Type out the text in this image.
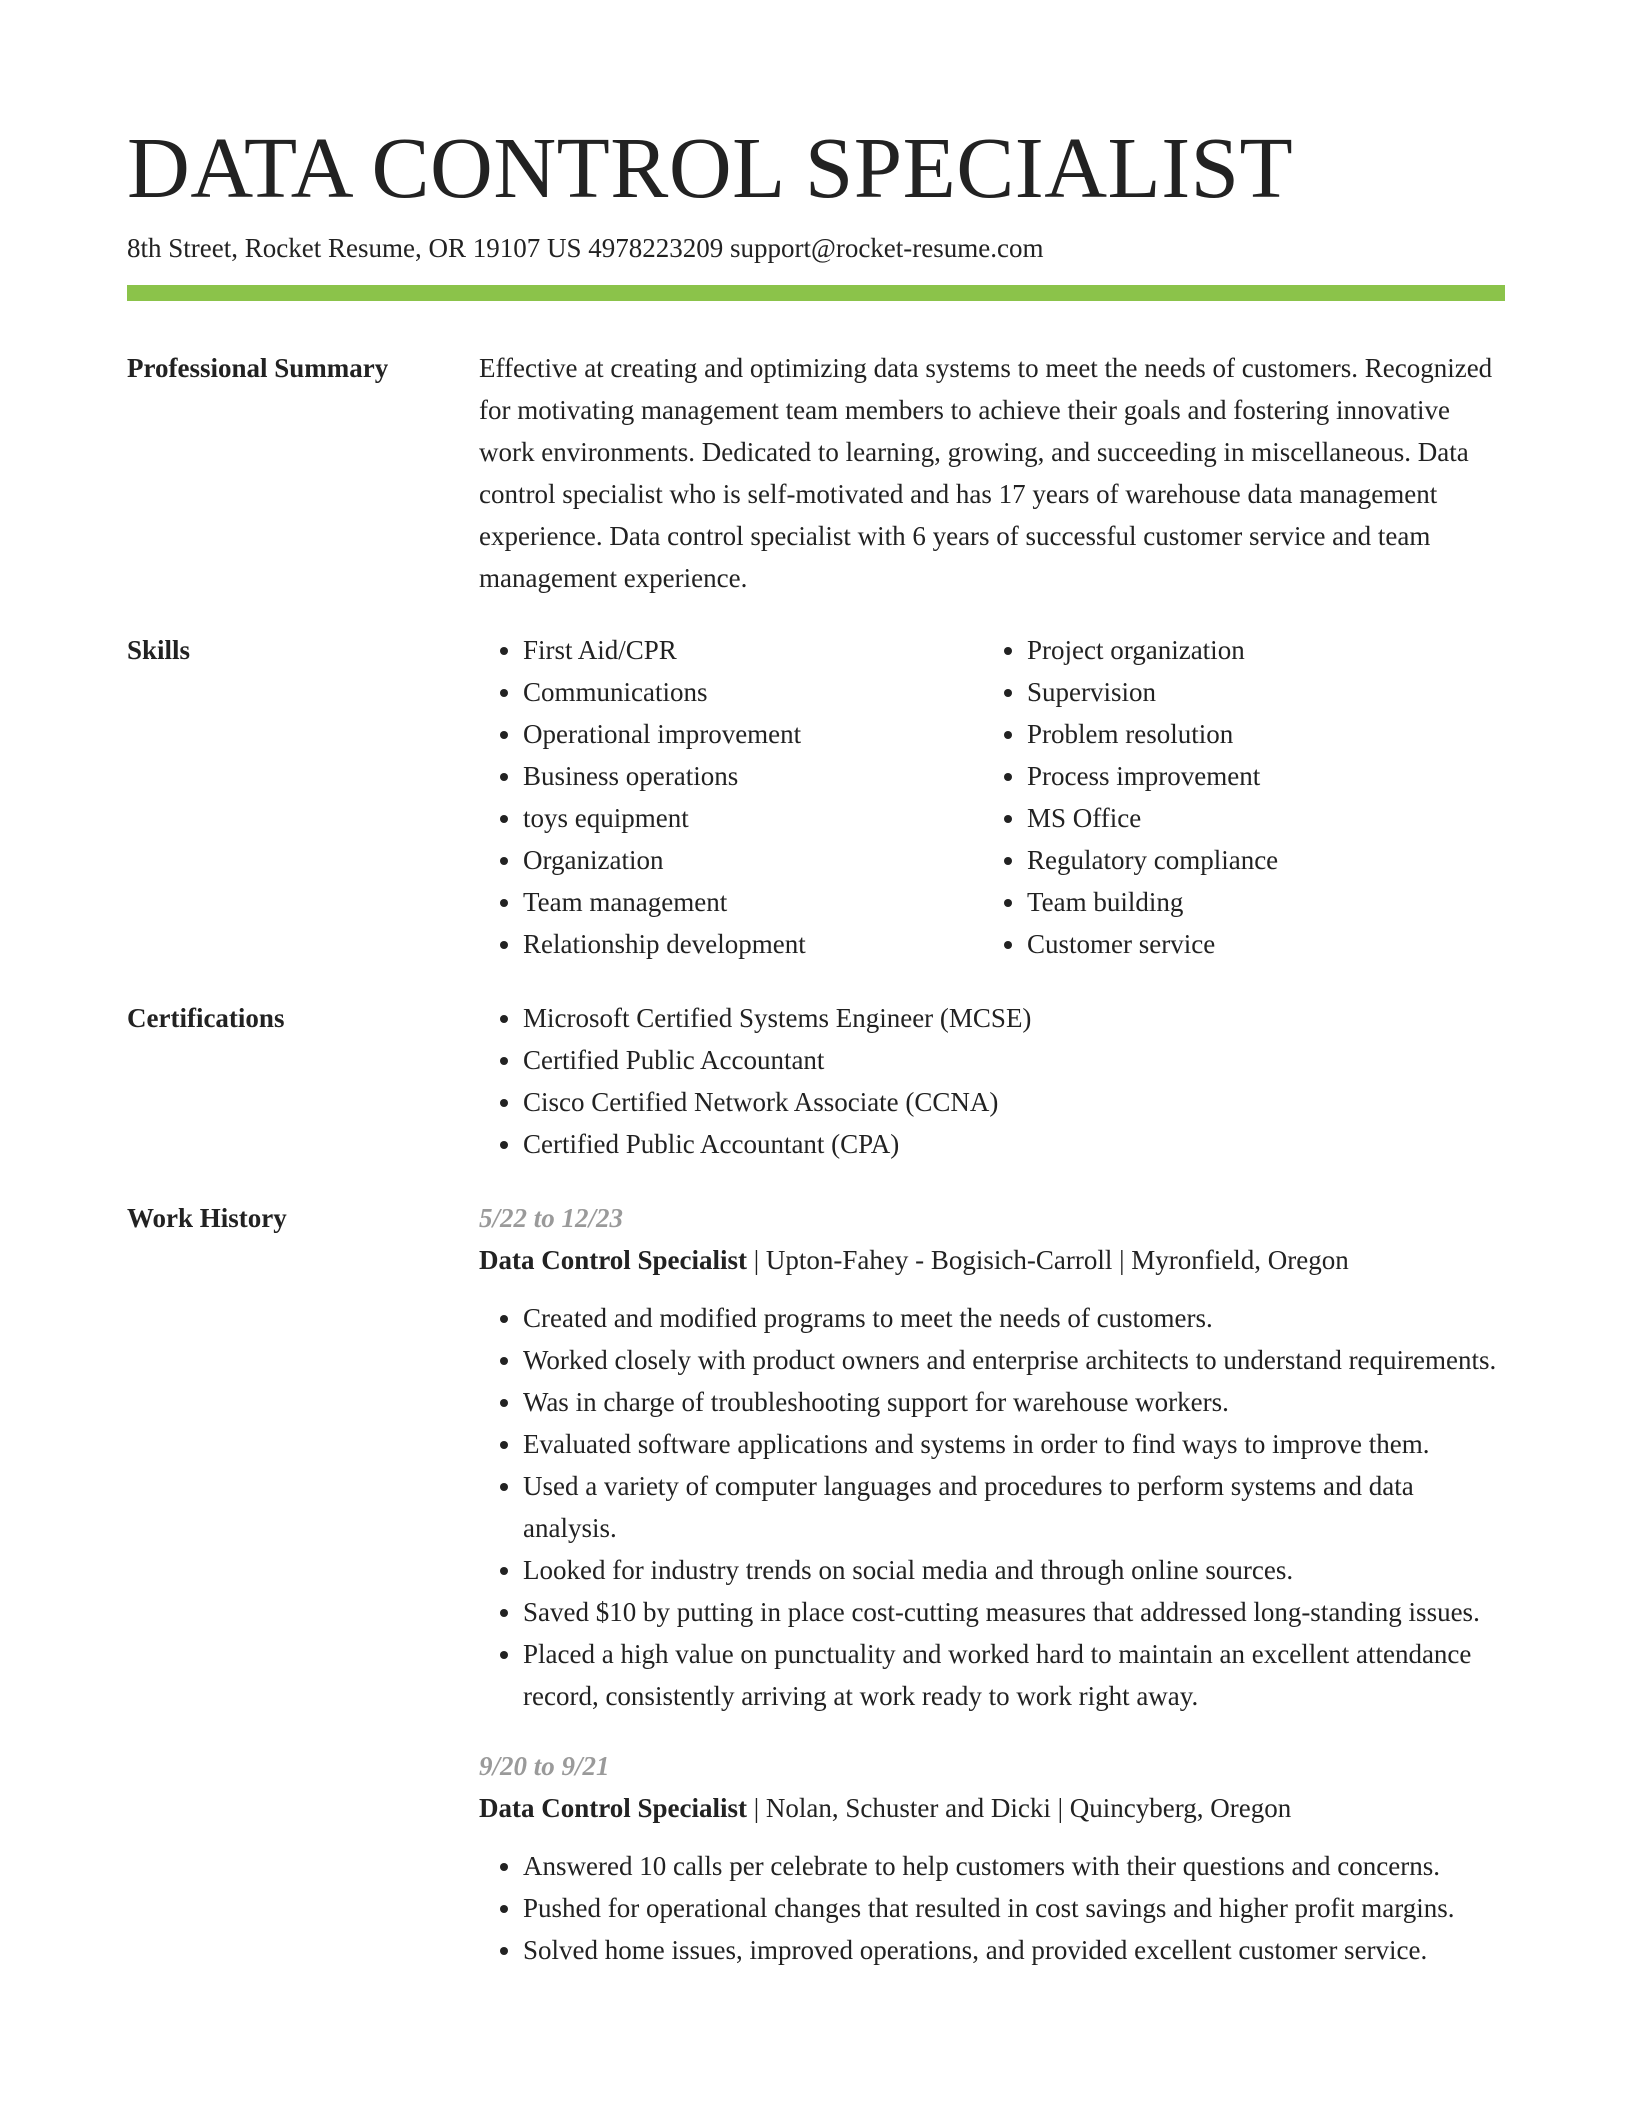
DATA CONTROL SPECIALIST
8th Street, Rocket Resume, OR 19107 US 4978223209 support@rocket-resume.com
Professional Summary	Effective at creating and optimizing data systems to meet the needs of customers. Recognized for motivating management team members to achieve their goals and fostering innovative work environments. Dedicated to learning, growing, and succeeding in miscellaneous. Data control specialist who is self-motivated and has 17 years of warehouse data management experience. Data control specialist with 6 years of successful customer service and team management experience.

Skills	• First Aid/CPR
• Communications
• Operational improvement
• Business operations
• toys equipment
• Organization
• Team management
• Relationship development
• Project organization
• Supervision
• Problem resolution
• Process improvement
• MS Office
• Regulatory compliance
• Team building
• Customer service
Certifications	• Microsoft Certified Systems Engineer (MCSE)
• Certified Public Accountant
• Cisco Certified Network Associate (CCNA)
• Certified Public Accountant (CPA)
Work History	5/22 to 12/23
Data Control Specialist | Upton-Fahey - Bogisich-Carroll | Myronfield, Oregon
• Created and modified programs to meet the needs of customers.
• Worked closely with product owners and enterprise architects to understand requirements.
• Was in charge of troubleshooting support for warehouse workers.
• Evaluated software applications and systems in order to find ways to improve them.
• Used a variety of computer languages and procedures to perform systems and data analysis.
• Looked for industry trends on social media and through online sources.
• Saved $10 by putting in place cost-cutting measures that addressed long-standing issues.
• Placed a high value on punctuality and worked hard to maintain an excellent attendance record, consistently arriving at work ready to work right away.
9/20 to 9/21
Data Control Specialist | Nolan, Schuster and Dicki | Quincyberg, Oregon
• Answered 10 calls per celebrate to help customers with their questions and concerns.
• Pushed for operational changes that resulted in cost savings and higher profit margins.
• Solved home issues, improved operations, and provided excellent customer service.
